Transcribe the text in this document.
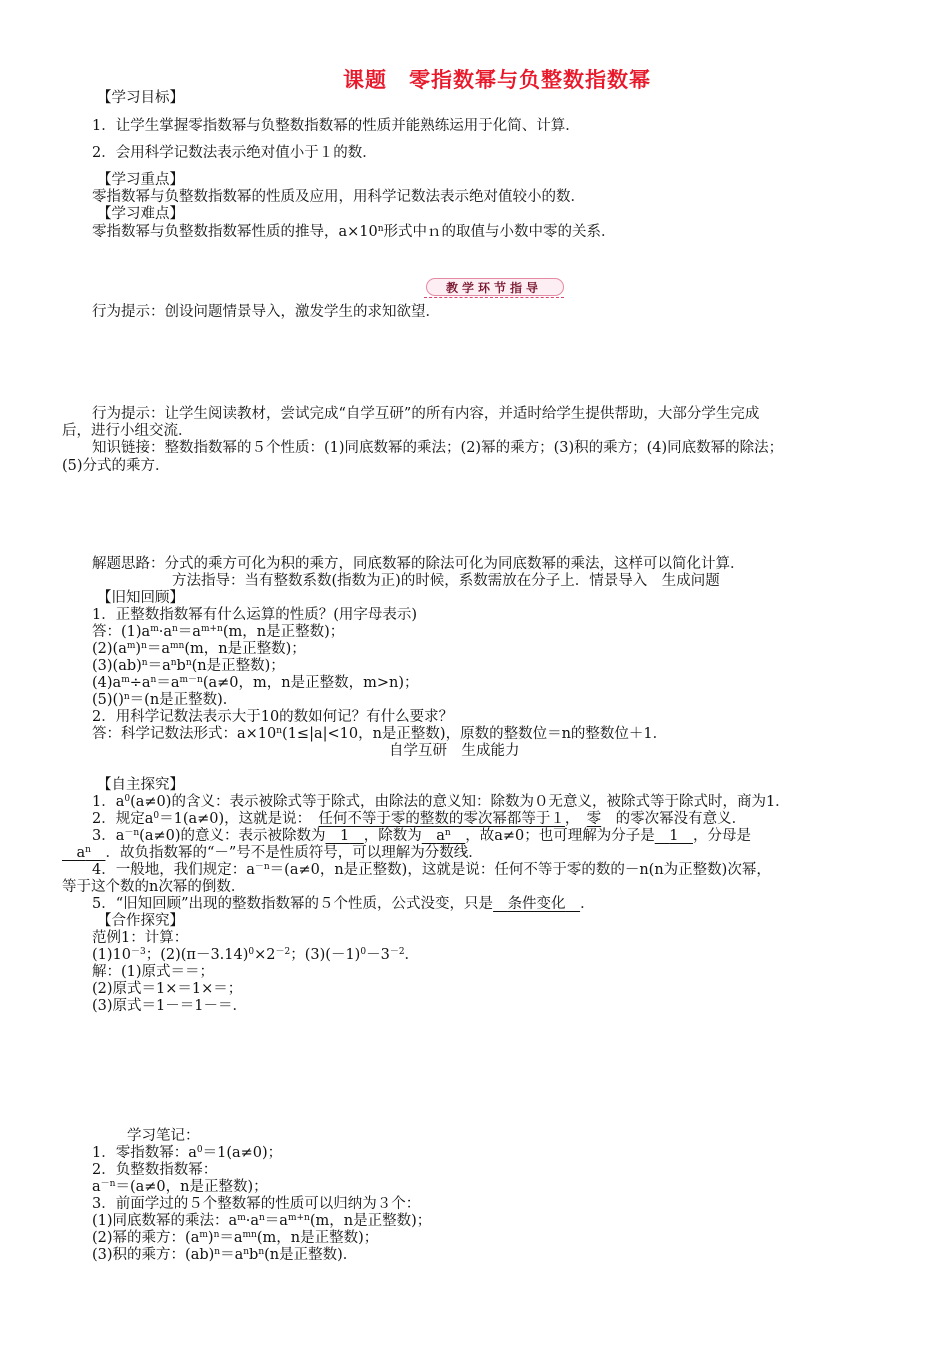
课题　零指数幂与负整数指数幂
【学习目标】
1．让学生掌握零指数幂与负整数指数幂的性质并能熟练运用于化简、计算．
2．会用科学记数法表示绝对值小于１的数．
【学习重点】
零指数幂与负整数指数幂的性质及应用，用科学记数法表示绝对值较小的数．
【学习难点】
零指数幂与负整数指数幂性质的推导，$a\times 10^n$形式中ｎ的取值与小数中零的关系．
教学环节指导
行为提示：创设问题情景导入，激发学生的求知欲望．
行为提示：让学生阅读教材，尝试完成“自学互研”的所有内容，并适时给学生提供帮助，大部分学生完成
后，进行小组交流．
知识链接：整数指数幂的５个性质：(1)同底数幂的乘法；(2)幂的乘方；(3)积的乘方；(4)同底数幂的除法；
(5)分式的乘方．
解题思路：分式的乘方可化为积的乘方，同底数幂的除法可化为同底数幂的乘法，这样可以简化计算．
方法指导：当有整数系数(指数为正)的时候，系数需放在分子上．情景导入　生成问题
【旧知回顾】
1．正整数指数幂有什么运算的性质？(用字母表示)
答：$(1)a^m\cdot a^n=a^{m+n}(m$，n是正整数)；
$(2)(a^m)^n=a^{mn}(m$，n是正整数)；
$(3)(ab)^n=a^nb^n(n$是正整数)；
$(4)a^m\div a^n=a^{m-n}(a\ne 0$，m，n是正整数，m>n)；
(5)()$^n$＝(n是正整数)．
2．用科学记数法表示大于10的数如何记？有什么要求？
答：科学记数法形式：$a\times 10^n(1\le|a|<10$，n是正整数)，原数的整数位＝n的整数位＋1．
自学互研　生成能力
【自主探究】
1．$a^0(a\ne 0)$的含义：表示被除式等于除式，由除法的意义知：除数为０无意义，被除式等于除式时，商为1．
2．规定$a^0=1(a\ne 0)$，这就是说：　 任何不等于零的整数的零次幂都等于１，　 零　 的零次幂没有意义．
3．$a^{-n}(a\ne 0)$的意义：表示被除数为　 1　 ，除数为　 $a^n$　 ，故a≠0；也可理解为分子是　 1　 ，分母是
　$a^n$　 ．故负指数幂的“－”号不是性质符号，可以理解为分数线．
4．一般地，我们规定：$a^{-n}=(a\ne 0$，n是正整数)，这就是说：任何不等于零的数的－n(n为正整数)次幂，
等于这个数的n次幂的倒数．
5．“旧知回顾”出现的整数指数幂的５个性质，公式没变，只是　 条件变化　 ．
【合作探究】
范例1：计算：
$(1)10^{-3}$；$(2)(\pi-3.14)^0\times 2^{-2}$；$(3)(-1)^0-3^{-2}$．
解：(1)原式＝＝；
(2)原式＝1×＝1×＝；
(3)原式＝1－＝1－＝．
学习笔记：
1．零指数幂：$a^0=1(a\ne 0)$；
2．负整数指数幂：
$a^{-n}=(a\ne 0$，n是正整数)；
3．前面学过的５个整数幂的性质可以归纳为３个：
(1)同底数幂的乘法：$a^m\cdot a^n=a^{m+n}(m$，n是正整数)；
(2)幂的乘方：$(a^m)^n=a^{mn}(m$，n是正整数)；
(3)积的乘方：$(ab)^n=a^nb^n(n$是正整数)．
